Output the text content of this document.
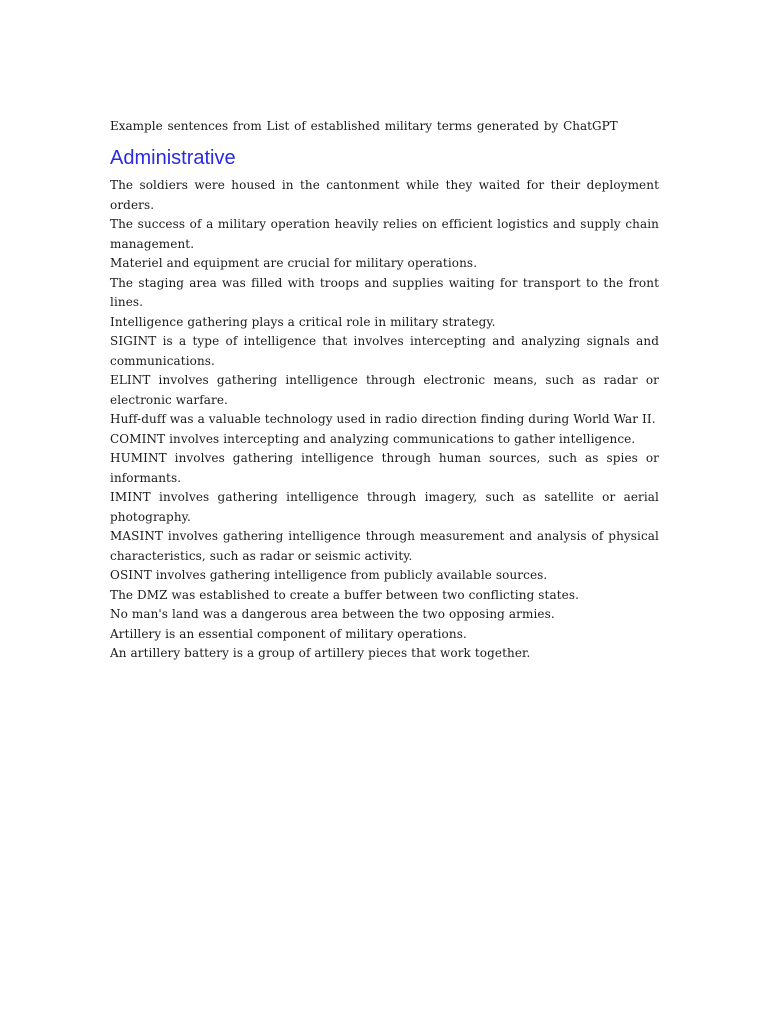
Example sentences from List of established military terms generated by ChatGPT

Administrative
The soldiers were housed in the cantonment while they waited for their deployment orders.
The success of a military operation heavily relies on efficient logistics and supply chain management.
Materiel and equipment are crucial for military operations.
The staging area was filled with troops and supplies waiting for transport to the front lines.
Intelligence gathering plays a critical role in military strategy.
SIGINT is a type of intelligence that involves intercepting and analyzing signals and communications.
ELINT involves gathering intelligence through electronic means, such as radar or electronic warfare.
Huff-duff was a valuable technology used in radio direction finding during World War II.
COMINT involves intercepting and analyzing communications to gather intelligence.
HUMINT involves gathering intelligence through human sources, such as spies or informants.
IMINT involves gathering intelligence through imagery, such as satellite or aerial photography.
MASINT involves gathering intelligence through measurement and analysis of physical characteristics, such as radar or seismic activity.
OSINT involves gathering intelligence from publicly available sources.
The DMZ was established to create a buffer between two conflicting states.
No man's land was a dangerous area between the two opposing armies.
Artillery is an essential component of military operations.
An artillery battery is a group of artillery pieces that work together.
